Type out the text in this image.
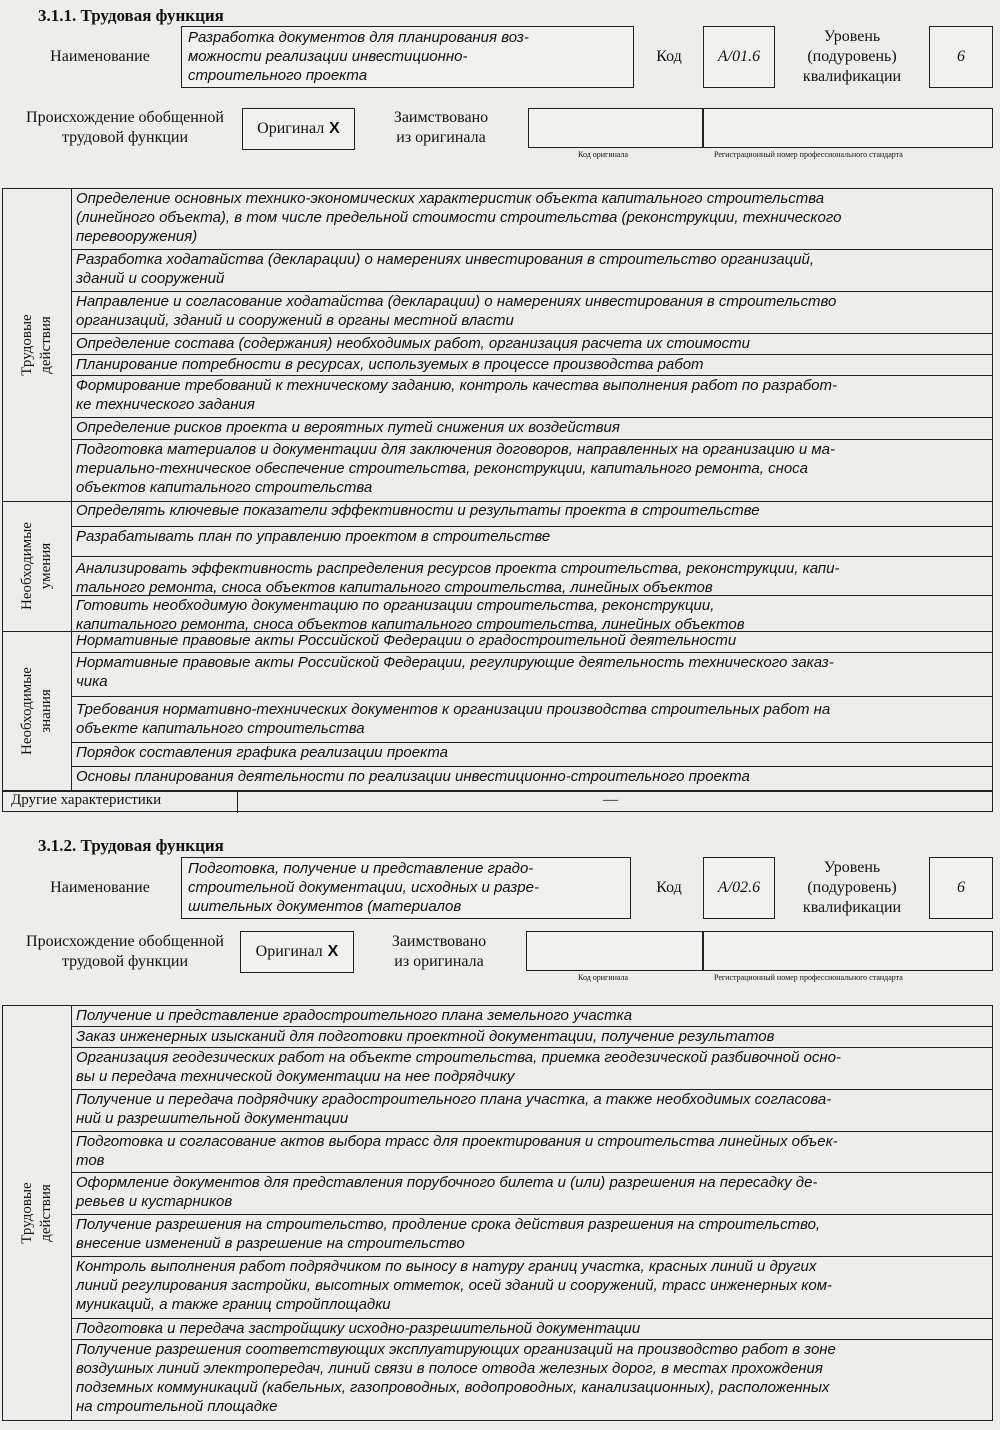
3.1.1. Трудовая функция
Наименование
Разработка документов для планирования воз-
можности реализации инвестиционно-
строительного проекта
Код	A/01.6
Уровень
(подуровень)
квалификации
6
Происхождение обобщенной
трудовой функции
Оригинал X
Заимствовано
из оригинала
Код оригинала	Регистрационный номер профессионального стандарта
Трудовые действия
Определение основных технико-экономических характеристик объекта капитального строительства
(линейного объекта), в том числе предельной стоимости строительства (реконструкции, технического
перевооружения)
Разработка ходатайства (декларации) о намерениях инвестирования в строительство организаций,
зданий и сооружений
Направление и согласование ходатайства (декларации) о намерениях инвестирования в строительство
организаций, зданий и сооружений в органы местной власти
Определение состава (содержания) необходимых работ, организация расчета их стоимости
Планирование потребности в ресурсах, используемых в процессе производства работ
Формирование требований к техническому заданию, контроль качества выполнения работ по разработ-
ке технического задания
Определение рисков проекта и вероятных путей снижения их воздействия
Подготовка материалов и документации для заключения договоров, направленных на организацию и ма-
териально-техническое обеспечение строительства, реконструкции, капитального ремонта, сноса
объектов капитального строительства
Необходимые
умения
Определять ключевые показатели эффективности и результаты проекта в строительстве
Разрабатывать план по управлению проектом в строительстве
Анализировать эффективность распределения ресурсов проекта строительства, реконструкции, капи-
тального ремонта, сноса объектов капитального строительства, линейных объектов
Готовить необходимую документацию по организации строительства, реконструкции,
капитального ремонта, сноса объектов капитального строительства, линейных объектов
Необходимые
знания
Нормативные правовые акты Российской Федерации о градостроительной деятельности
Нормативные правовые акты Российской Федерации, регулирующие деятельность технического заказ-
чика
Требования нормативно-технических документов к организации производства строительных работ на
объекте капитального строительства
Порядок составления графика реализации проекта
Основы планирования деятельности по реализации инвестиционно-строительного проекта
Другие характеристики	—
3.1.2. Трудовая функция
Наименование
Подготовка, получение и представление градо-
строительной документации, исходных и разре-
шительных документов (материалов
Код	A/02.6
Уровень
(подуровень)
квалификации
6
Происхождение обобщенной
трудовой функции
Оригинал X
Заимствовано
из оригинала
Код оригинала	Регистрационный номер профессионального стандарта
Трудовые действия
Получение и представление градостроительного плана земельного участка
Заказ инженерных изысканий для подготовки проектной документации, получение результатов
Организация геодезических работ на объекте строительства, приемка геодезической разбивочной осно-
вы и передача технической документации на нее подрядчику
Получение и передача подрядчику градостроительного плана участка, а также необходимых согласова-
ний и разрешительной документации
Подготовка и согласование актов выбора трасс для проектирования и строительства линейных объек-
тов
Оформление документов для представления порубочного билета и (или) разрешения на пересадку де-
ревьев и кустарников
Получение разрешения на строительство, продление срока действия разрешения на строительство,
внесение изменений в разрешение на строительство
Контроль выполнения работ подрядчиком по выносу в натуру границ участка, красных линий и других
линий регулирования застройки, высотных отметок, осей зданий и сооружений, трасс инженерных ком-
муникаций, а также границ стройплощадки
Подготовка и передача застройщику исходно-разрешительной документации
Получение разрешения соответствующих эксплуатирующих организаций на производство работ в зоне
воздушных линий электропередач, линий связи в полосе отвода железных дорог, в местах прохождения
подземных коммуникаций (кабельных, газопроводных, водопроводных, канализационных), расположенных
на строительной площадке
